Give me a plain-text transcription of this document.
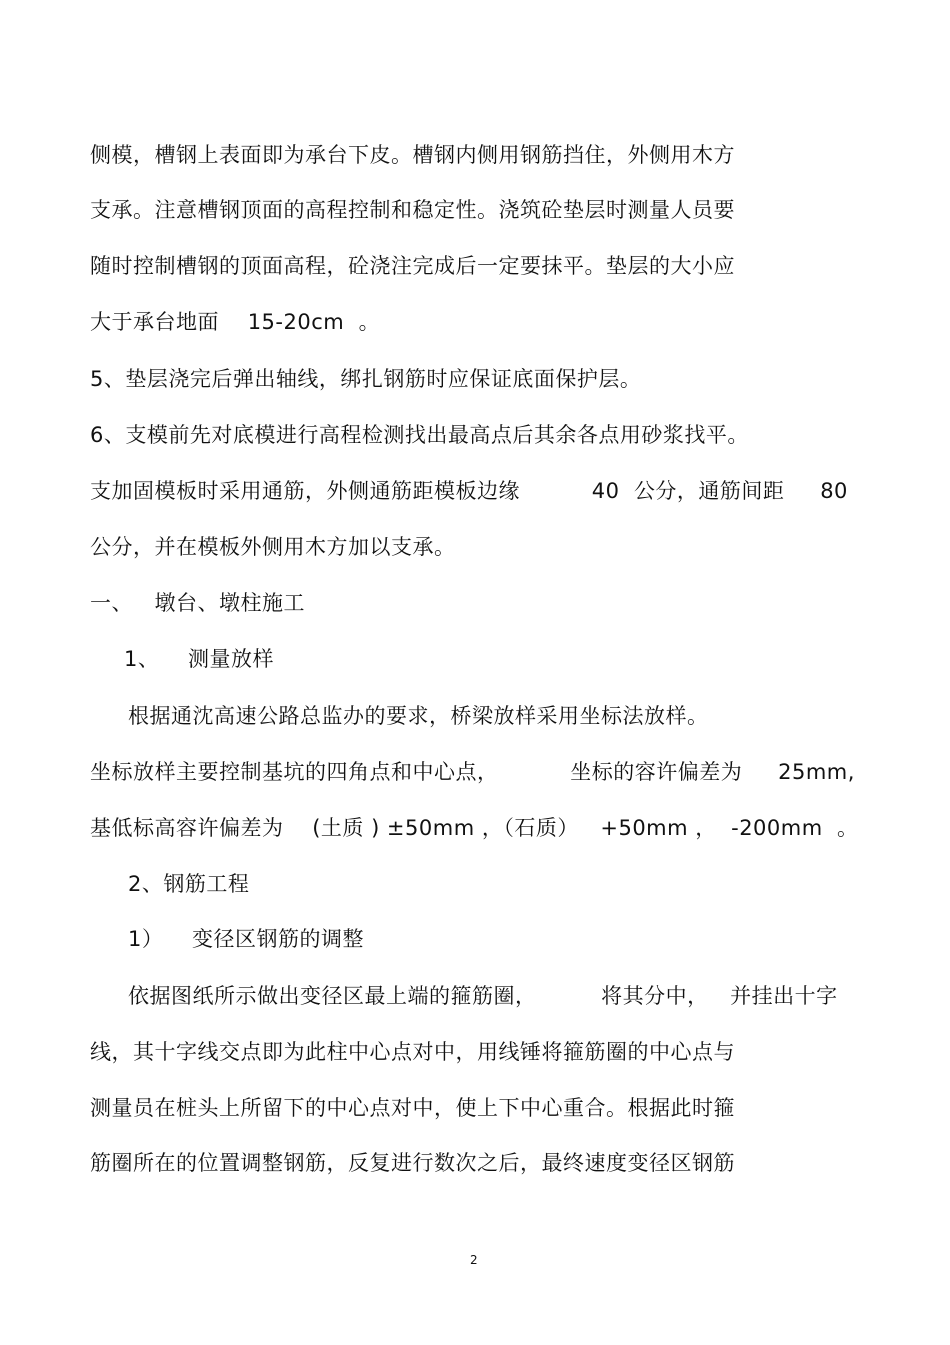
侧模，槽钢上表面即为承台下皮。槽钢内侧用钢筋挡住，外侧用木方
支承。注意槽钢顶面的高程控制和稳定性。浇筑砼垫层时测量人员要
随时控制槽钢的顶面高程，砼浇注完成后一定要抹平。垫层的大小应
大于承台地面    15-20cm  。
5、垫层浇完后弹出轴线，绑扎钢筋时应保证底面保护层。
6、支模前先对底模进行高程检测找出最高点后其余各点用砂浆找平。
支加固模板时采用通筋，外侧通筋距模板边缘          40  公分，通筋间距     80
公分，并在模板外侧用木方加以支承。
一、   墩台、墩柱施工
1、    测量放样
根据通沈高速公路总监办的要求，桥梁放样采用坐标法放样。
坐标放样主要控制基坑的四角点和中心点，          坐标的容许偏差为     25mm,
基低标高容许偏差为    (土质 ) ±50mm ，（石质）   +50mm ，  -200mm  。
2、钢筋工程
1）    变径区钢筋的调整
依据图纸所示做出变径区最上端的箍筋圈，         将其分中，   并挂出十字
线，其十字线交点即为此柱中心点对中，用线锤将箍筋圈的中心点与
测量员在桩头上所留下的中心点对中，使上下中心重合。根据此时箍
筋圈所在的位置调整钢筋，反复进行数次之后，最终速度变径区钢筋
2
